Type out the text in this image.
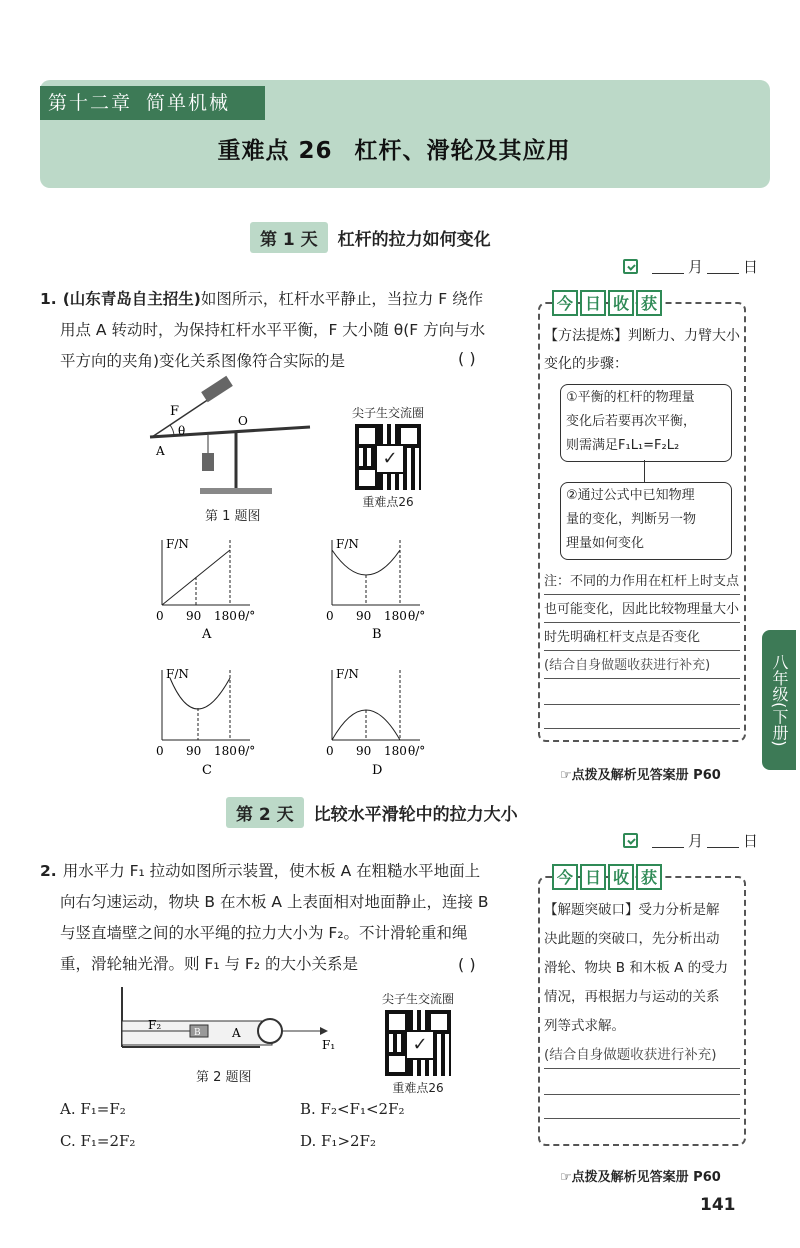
第十二章 简单机械
重难点 26 杠杆、滑轮及其应用
第 1 天	杠杆的拉力如何变化
月	日
1. (山东青岛自主招生)如图所示，杠杆水平静止，当拉力 F 绕作
用点 A 转动时，为保持杠杆水平平衡，F 大小随 θ(F 方向与水
平方向的夹角)变化关系图像符合实际的是	( )
F
θ
A
O
第 1 题图
尖子生交流圈
✓
重难点26
F/N
0 90 180 θ/°
A
F/N
0 90 180 θ/°
B
F/N
0 90 180 θ/°
C
F/N
0 90 180 θ/°
D
今 日 收 获
【方法提炼】判断力、力臂大小
变化的步骤：
①平衡的杠杆的物理量
变化后若要再次平衡，
则需满足F₁L₁=F₂L₂
②通过公式中已知物理
量的变化，判断另一物
理量如何变化
注：不同的力作用在杠杆上时支点
也可能变化，因此比较物理量大小
时先明确杠杆支点是否变化
(结合自身做题收获进行补充)
☞点拨及解析见答案册 P60
第 2 天	比较水平滑轮中的拉力大小
月	日
2. 用水平力 F₁ 拉动如图所示装置，使木板 A 在粗糙水平地面上
向右匀速运动，物块 B 在木板 A 上表面相对地面静止，连接 B
与竖直墙壁之间的水平绳的拉力大小为 F₂。不计滑轮重和绳
重，滑轮轴光滑。则 F₁ 与 F₂ 的大小关系是	( )
F₂
B	A
F₁
第 2 题图
尖子生交流圈
✓
重难点26
A. F₁=F₂	B. F₂<F₁<2F₂
C. F₁=2F₂	D. F₁>2F₂
今 日 收 获
【解题突破口】受力分析是解
决此题的突破口，先分析出动
滑轮、物块 B 和木板 A 的受力
情况，再根据力与运动的关系
列等式求解。
(结合自身做题收获进行补充)
☞点拨及解析见答案册 P60
八年级(下册)
141
